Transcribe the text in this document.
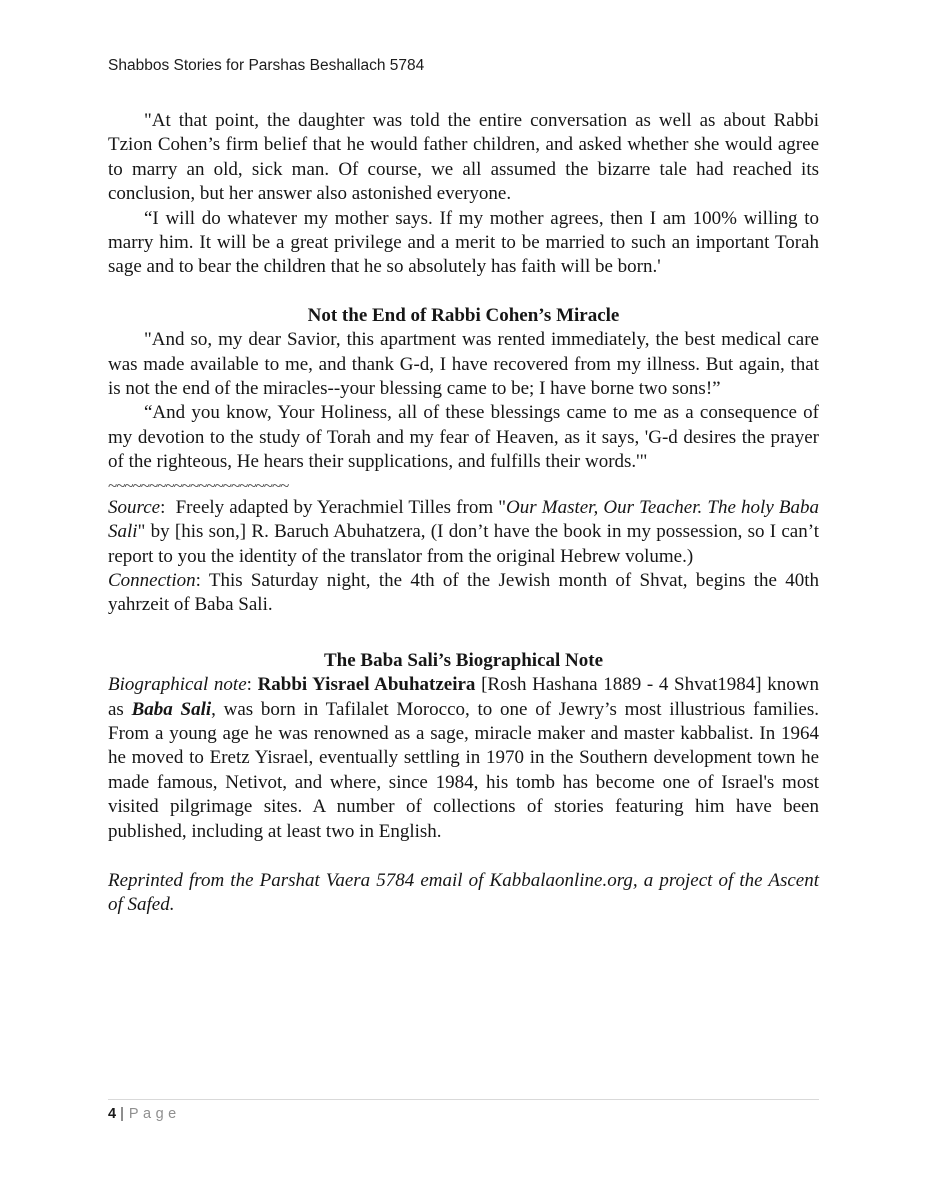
Shabbos Stories for Parshas Beshallach 5784

"At that point, the daughter was told the entire conversation as well as about Rabbi Tzion Cohen’s firm belief that he would father children, and asked whether she would agree to marry an old, sick man. Of course, we all assumed the bizarre tale had reached its conclusion, but her answer also astonished everyone.

“I will do whatever my mother says. If my mother agrees, then I am 100% willing to marry him. It will be a great privilege and a merit to be married to such an important Torah sage and to bear the children that he so absolutely has faith will be born.'

Not the End of Rabbi Cohen’s Miracle

"And so, my dear Savior, this apartment was rented immediately, the best medical care was made available to me, and thank G-d, I have recovered from my illness. But again, that is not the end of the miracles--your blessing came to be; I have borne two sons!”

“And you know, Your Holiness, all of these blessings came to me as a consequence of my devotion to the study of Torah and my fear of Heaven, as it says, 'G-d desires the prayer of the righteous, He hears their supplications, and fulfills their words.'"

~~~~~~~~~~~~~~~~~~~~~~

Source:  Freely adapted by Yerachmiel Tilles from "Our Master, Our Teacher. The holy Baba Sali" by [his son,] R. Baruch Abuhatzera, (I don’t have the book in my possession, so I can’t report to you the identity of the translator from the original Hebrew volume.)

Connection: This Saturday night, the 4th of the Jewish month of Shvat, begins the 40th yahrzeit of Baba Sali.

The Baba Sali’s Biographical Note

Biographical note: Rabbi Yisrael Abuhatzeira [Rosh Hashana 1889 - 4 Shvat1984] known as Baba Sali, was born in Tafilalet Morocco, to one of Jewry’s most illustrious families. From a young age he was renowned as a sage, miracle maker and master kabbalist. In 1964 he moved to Eretz Yisrael, eventually settling in 1970 in the Southern development town he made famous, Netivot, and where, since 1984, his tomb has become one of Israel's most visited pilgrimage sites. A number of collections of stories featuring him have been published, including at least two in English.

Reprinted from the Parshat Vaera 5784 email of Kabbalaonline.org, a project of the Ascent of Safed.

4 | Page
